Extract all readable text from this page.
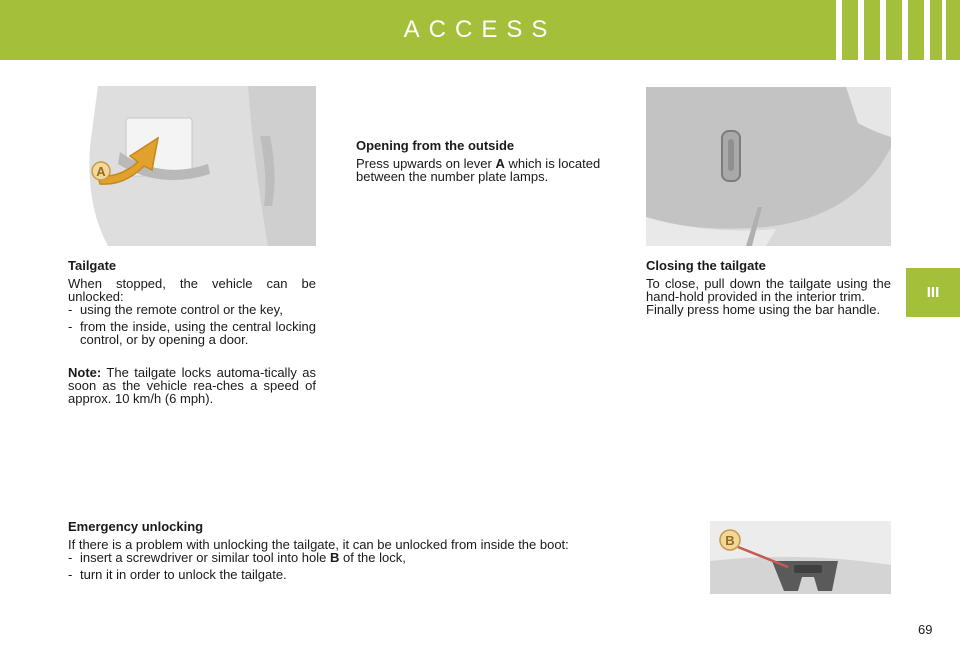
ACCESS
III
A
B

Tailgate

When stopped, the vehicle can be unlocked:

- using the remote control or the key,
- from the inside, using the central locking control, or by opening a door.

Note: The tailgate locks automa-tically as soon as the vehicle rea-ches a speed of approx. 10 km/h (6 mph).

Opening from the outside

Press upwards on lever A which is located between the number plate lamps.

Closing the tailgate

To close, pull down the tailgate using the hand-hold provided in the interior trim.

Finally press home using the bar handle.

Emergency unlocking

If there is a problem with unlocking the tailgate, it can be unlocked from inside the boot:

- insert a screwdriver or similar tool into hole B of the lock,
- turn it in order to unlock the tailgate.
69
